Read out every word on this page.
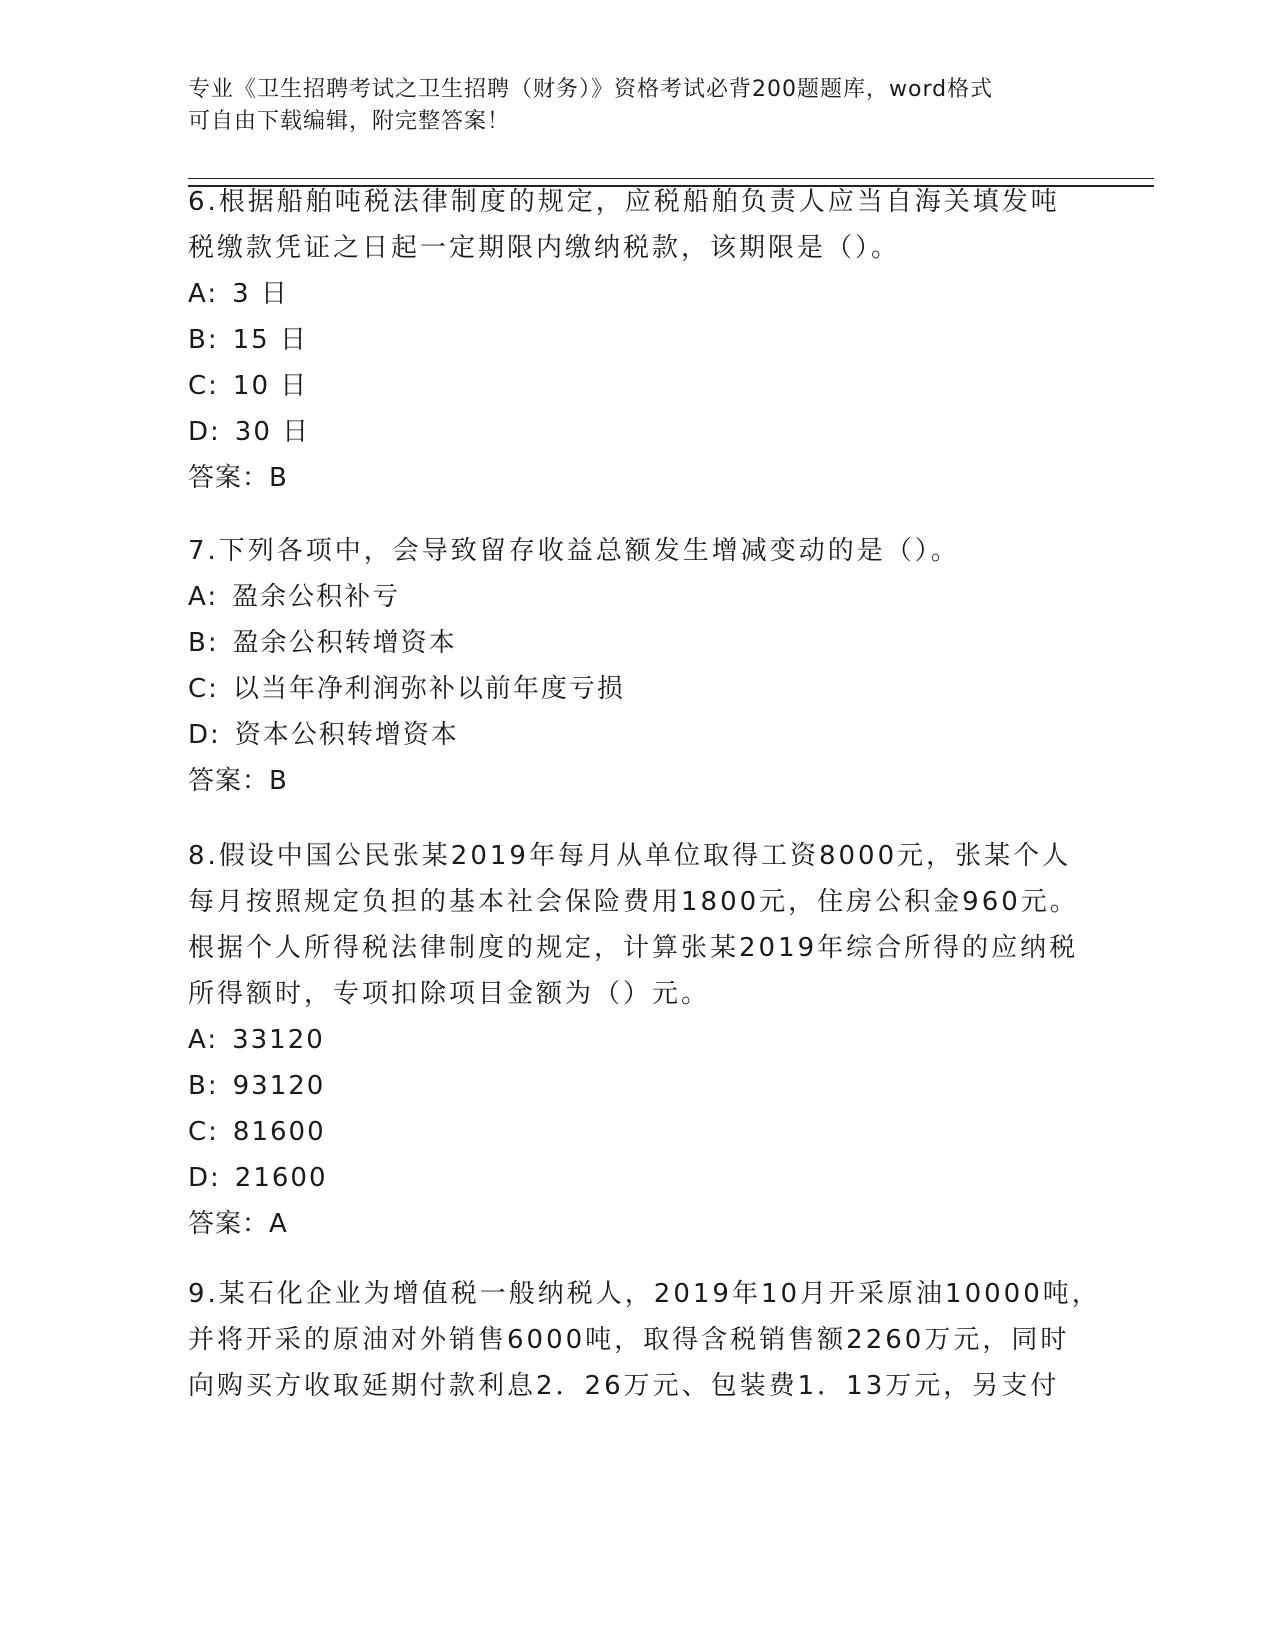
专业《卫生招聘考试之卫生招聘（财务）》资格考试必背200题题库，word格式
可自由下载编辑，附完整答案！
6.根据船舶吨税法律制度的规定，应税船舶负责人应当自海关填发吨
税缴款凭证之日起一定期限内缴纳税款，该期限是（）。
A: 3 日
B: 15 日
C: 10 日
D: 30 日
答案：B
7.下列各项中，会导致留存收益总额发生增减变动的是（）。
A: 盈余公积补亏
B: 盈余公积转增资本
C: 以当年净利润弥补以前年度亏损
D: 资本公积转增资本
答案：B
8.假设中国公民张某2019年每月从单位取得工资8000元，张某个人
每月按照规定负担的基本社会保险费用1800元，住房公积金960元。
根据个人所得税法律制度的规定，计算张某2019年综合所得的应纳税
所得额时，专项扣除项目金额为（）元。
A: 33120
B: 93120
C: 81600
D: 21600
答案：A
9.某石化企业为增值税一般纳税人，2019年10月开采原油10000吨，
并将开采的原油对外销售6000吨，取得含税销售额2260万元，同时
向购买方收取延期付款利息2．26万元、包装费1．13万元，另支付
